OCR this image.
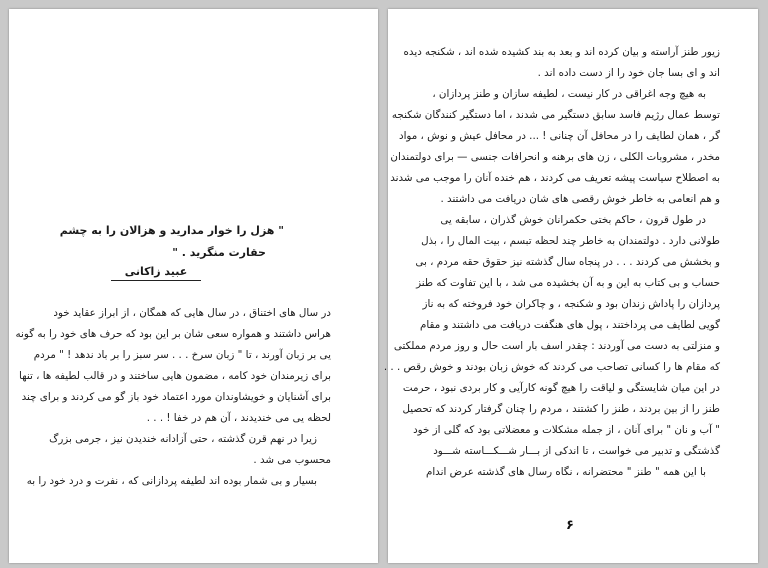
" هزل را خوار مدارید و هزالان را به چشم
حقارت منگرید . "
عبید زاکانی
در سال های اختناق ، در سال هایی که همگان ، از ابراز عقاید خود
هراس داشتند و همواره سعی شان بر این بود که حرف های خود را به گونه
یی بر زبان آورند ، تا " زبان سرخ . . . سر سبز را بر باد ندهد ! " مردم
برای زیرمندان خود کامه ، مضمون هایی ساختند و در قالب لطیفه ها ، تنها
برای آشنایان و خویشاوندان مورد اعتماد خود باز گو می کردند و برای چند
لحظه یی می خندیدند ، آن هم در خفا ! . . .
زیرا در نهم قرن گذشته ، حتی آزادانه خندیدن نیز ، جرمی بزرگ
محسوب می شد .
بسیار و بی شمار بوده اند لطیفه پردازانی که ، نفرت و درد خود را به
زیور طنز آراسته و بیان کرده اند و بعد به بند کشیده شده اند ، شکنجه دیده
اند و ای بسا جان خود را از دست داده اند .
به هیچ وجه اغراقی در کار نیست ، لطیفه سازان و طنز پردازان ،
توسط عمال رژیم فاسد سابق دستگیر می شدند ، اما دستگیر کنندگان شکنجه
گر ، همان لطایف را در محافل آن چنانی ! ... در محافل عیش و نوش ، مواد
مخدر ، مشروبات الکلی ، زن های برهنه و انحرافات جنسی — برای دولتمندان
به اصطلاح سیاست پیشه تعریف می کردند ، هم خنده آنان را موجب می شدند
و هم انعامی به خاطر خوش رقصی های شان دریافت می داشتند .
در طول قرون ، حاکم بختی حکمرانان خوش گذران ، سابقه یی
طولانی دارد . دولتمندان به خاطر چند لحظه تبسم ، بیت المال را ، بذل
و بخشش می کردند . . . در پنجاه سال گذشته نیز حقوق حقه مردم ، بی
حساب و بی کتاب به این و به آن بخشیده می شد ، با این تفاوت که طنز
پردازان را پاداش زندان بود و شکنجه ، و چاکران خود فروخته که به ناز
گویی لطایف می پرداختند ، پول های هنگفت دریافت می داشتند و مقام
و منزلتی به دست می آوردند : چقدر اسف بار است حال و روز مردم مملکتی
که مقام ها را کسانی تصاحب می کردند که خوش زبان بودند و خوش رقص . . .
در این میان شایستگی و لیاقت را هیچ گونه کارآیی و کار بردی نبود ، حرمت
طنز را از بین بردند ، طنز را کشتند ، مردم را چنان گرفتار کردند که تحصیل
" آب و نان " برای آنان ، از جمله مشکلات و معضلاتی بود که گلی از خود
گذشتگی و تدبیر می خواست ، تا اندکی از بـــار شـــکـــاسته شـــود
با این همه " طنز " محتضرانه ، نگاه رسال های گذشته عرض اندام
۶
